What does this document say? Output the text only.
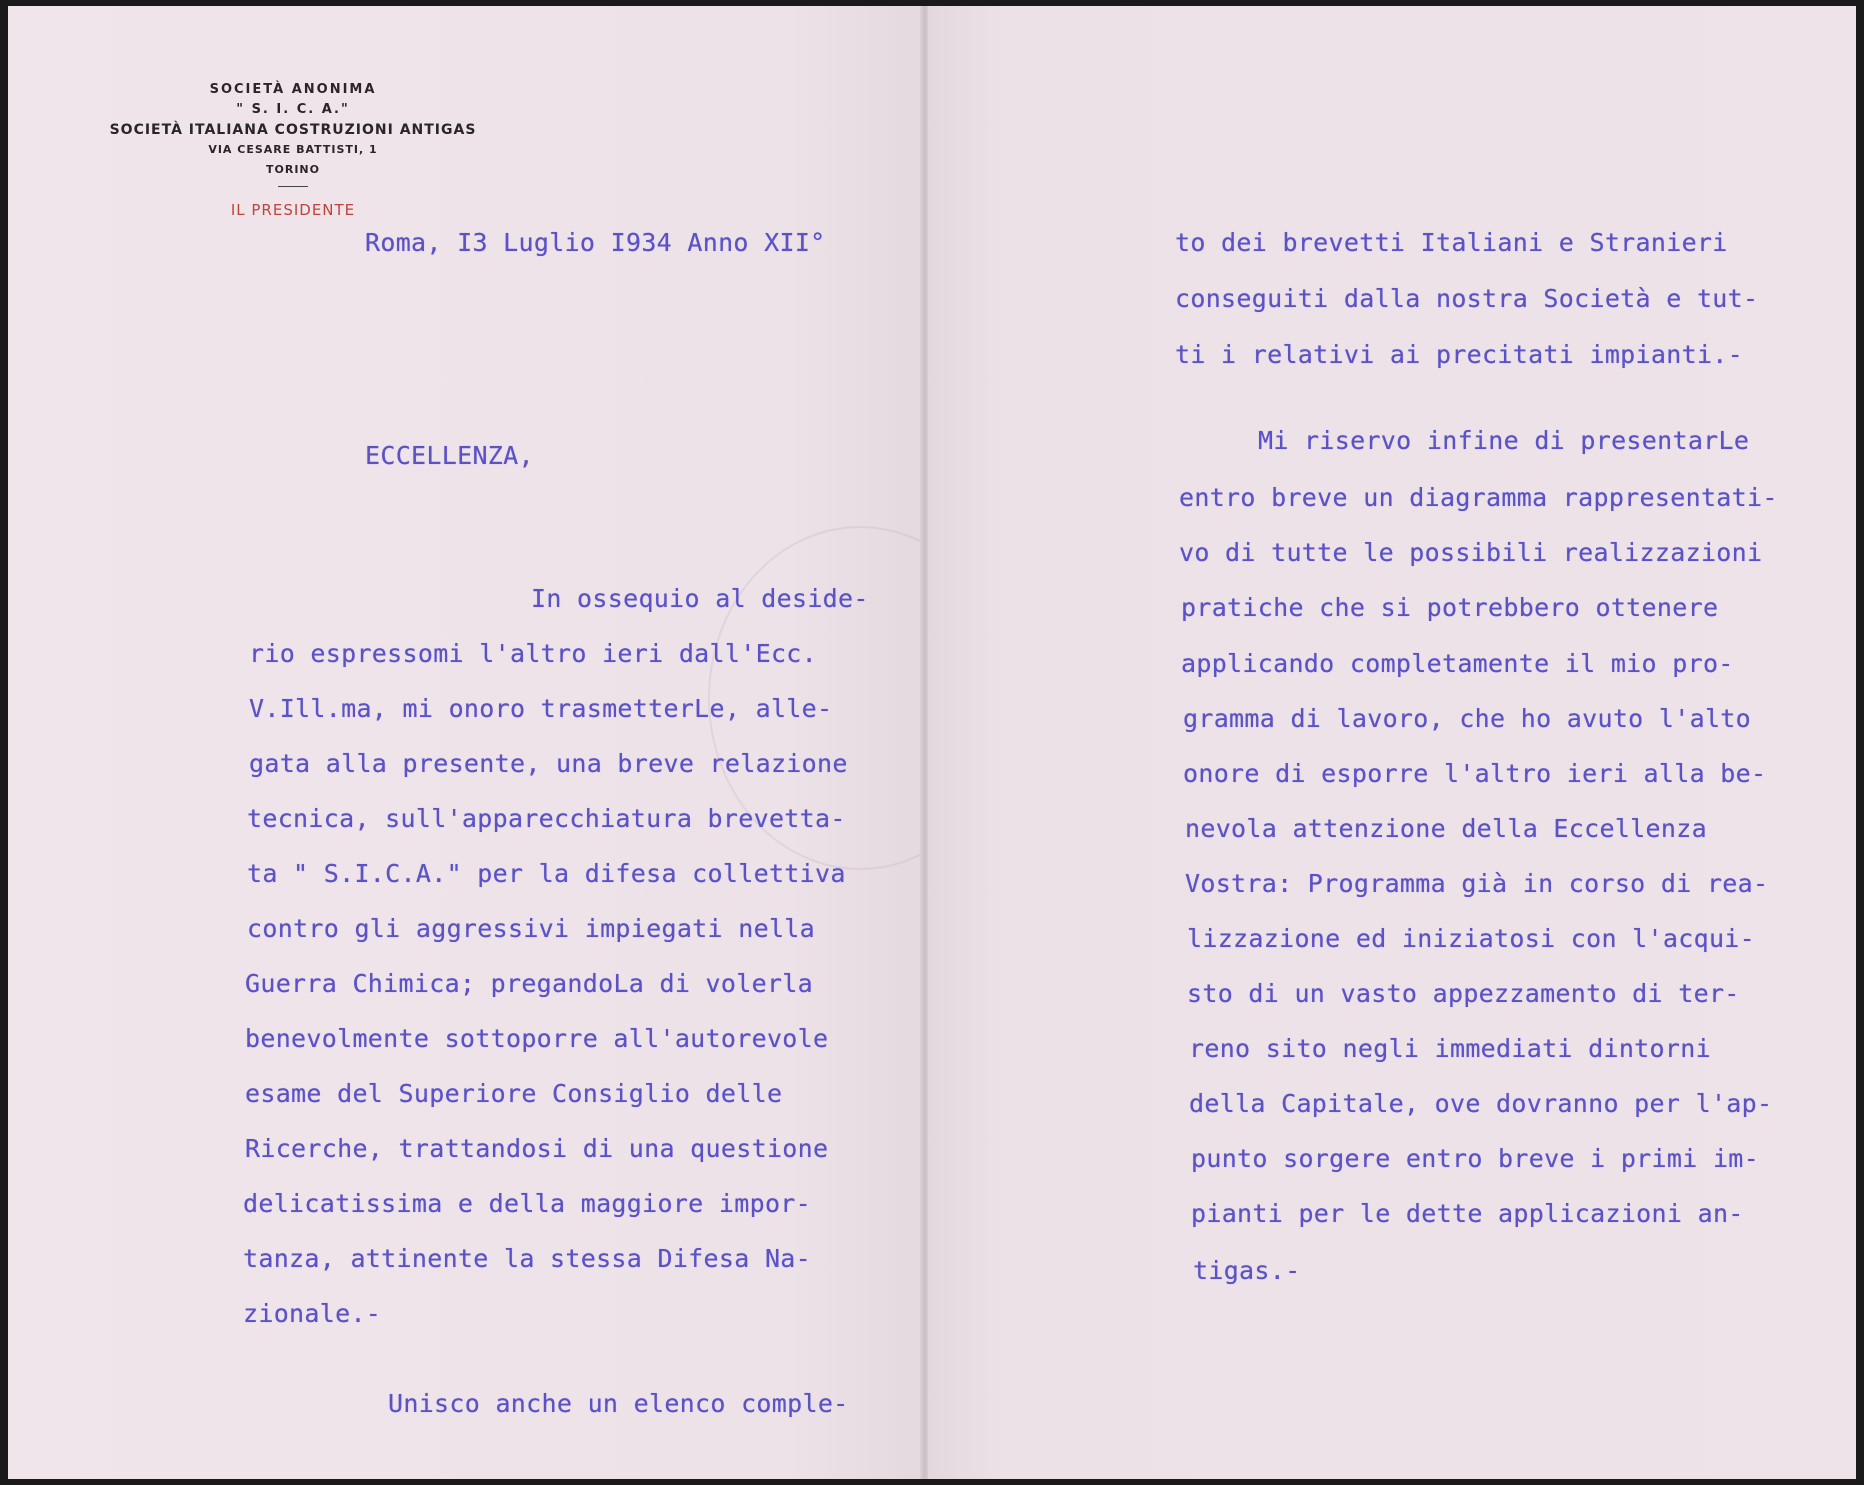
SOCIETÀ ANONIMA
" S. I. C. A."
SOCIETÀ ITALIANA COSTRUZIONI ANTIGAS
VIA CESARE BATTISTI, 1
TORINO
IL PRESIDENTE
Roma, I3 Luglio I934 Anno XII°
ECCELLENZA,
In ossequio al deside-
rio espressomi l'altro ieri dall'Ecc.
V.Ill.ma, mi onoro trasmetterLe, alle-
gata alla presente, una breve relazione
tecnica, sull'apparecchiatura brevetta-
ta " S.I.C.A." per la difesa collettiva
contro gli aggressivi impiegati nella
Guerra Chimica; pregandoLa di volerla
benevolmente sottoporre all'autorevole
esame del Superiore Consiglio delle
Ricerche, trattandosi di una questione
delicatissima e della maggiore impor-
tanza, attinente la stessa Difesa Na-
zionale.-
Unisco anche un elenco comple-
to dei brevetti Italiani e Stranieri
conseguiti dalla nostra Società e tut-
ti i relativi ai precitati impianti.-
Mi riservo infine di presentarLe
entro breve un diagramma rappresentati-
vo di tutte le possibili realizzazioni
pratiche che si potrebbero ottenere
applicando completamente il mio pro-
gramma di lavoro, che ho avuto l'alto
onore di esporre l'altro ieri alla be-
nevola attenzione della Eccellenza
Vostra: Programma già in corso di rea-
lizzazione ed iniziatosi con l'acqui-
sto di un vasto appezzamento di ter-
reno sito negli immediati dintorni
della Capitale, ove dovranno per l'ap-
punto sorgere entro breve i primi im-
pianti per le dette applicazioni an-
tigas.-
